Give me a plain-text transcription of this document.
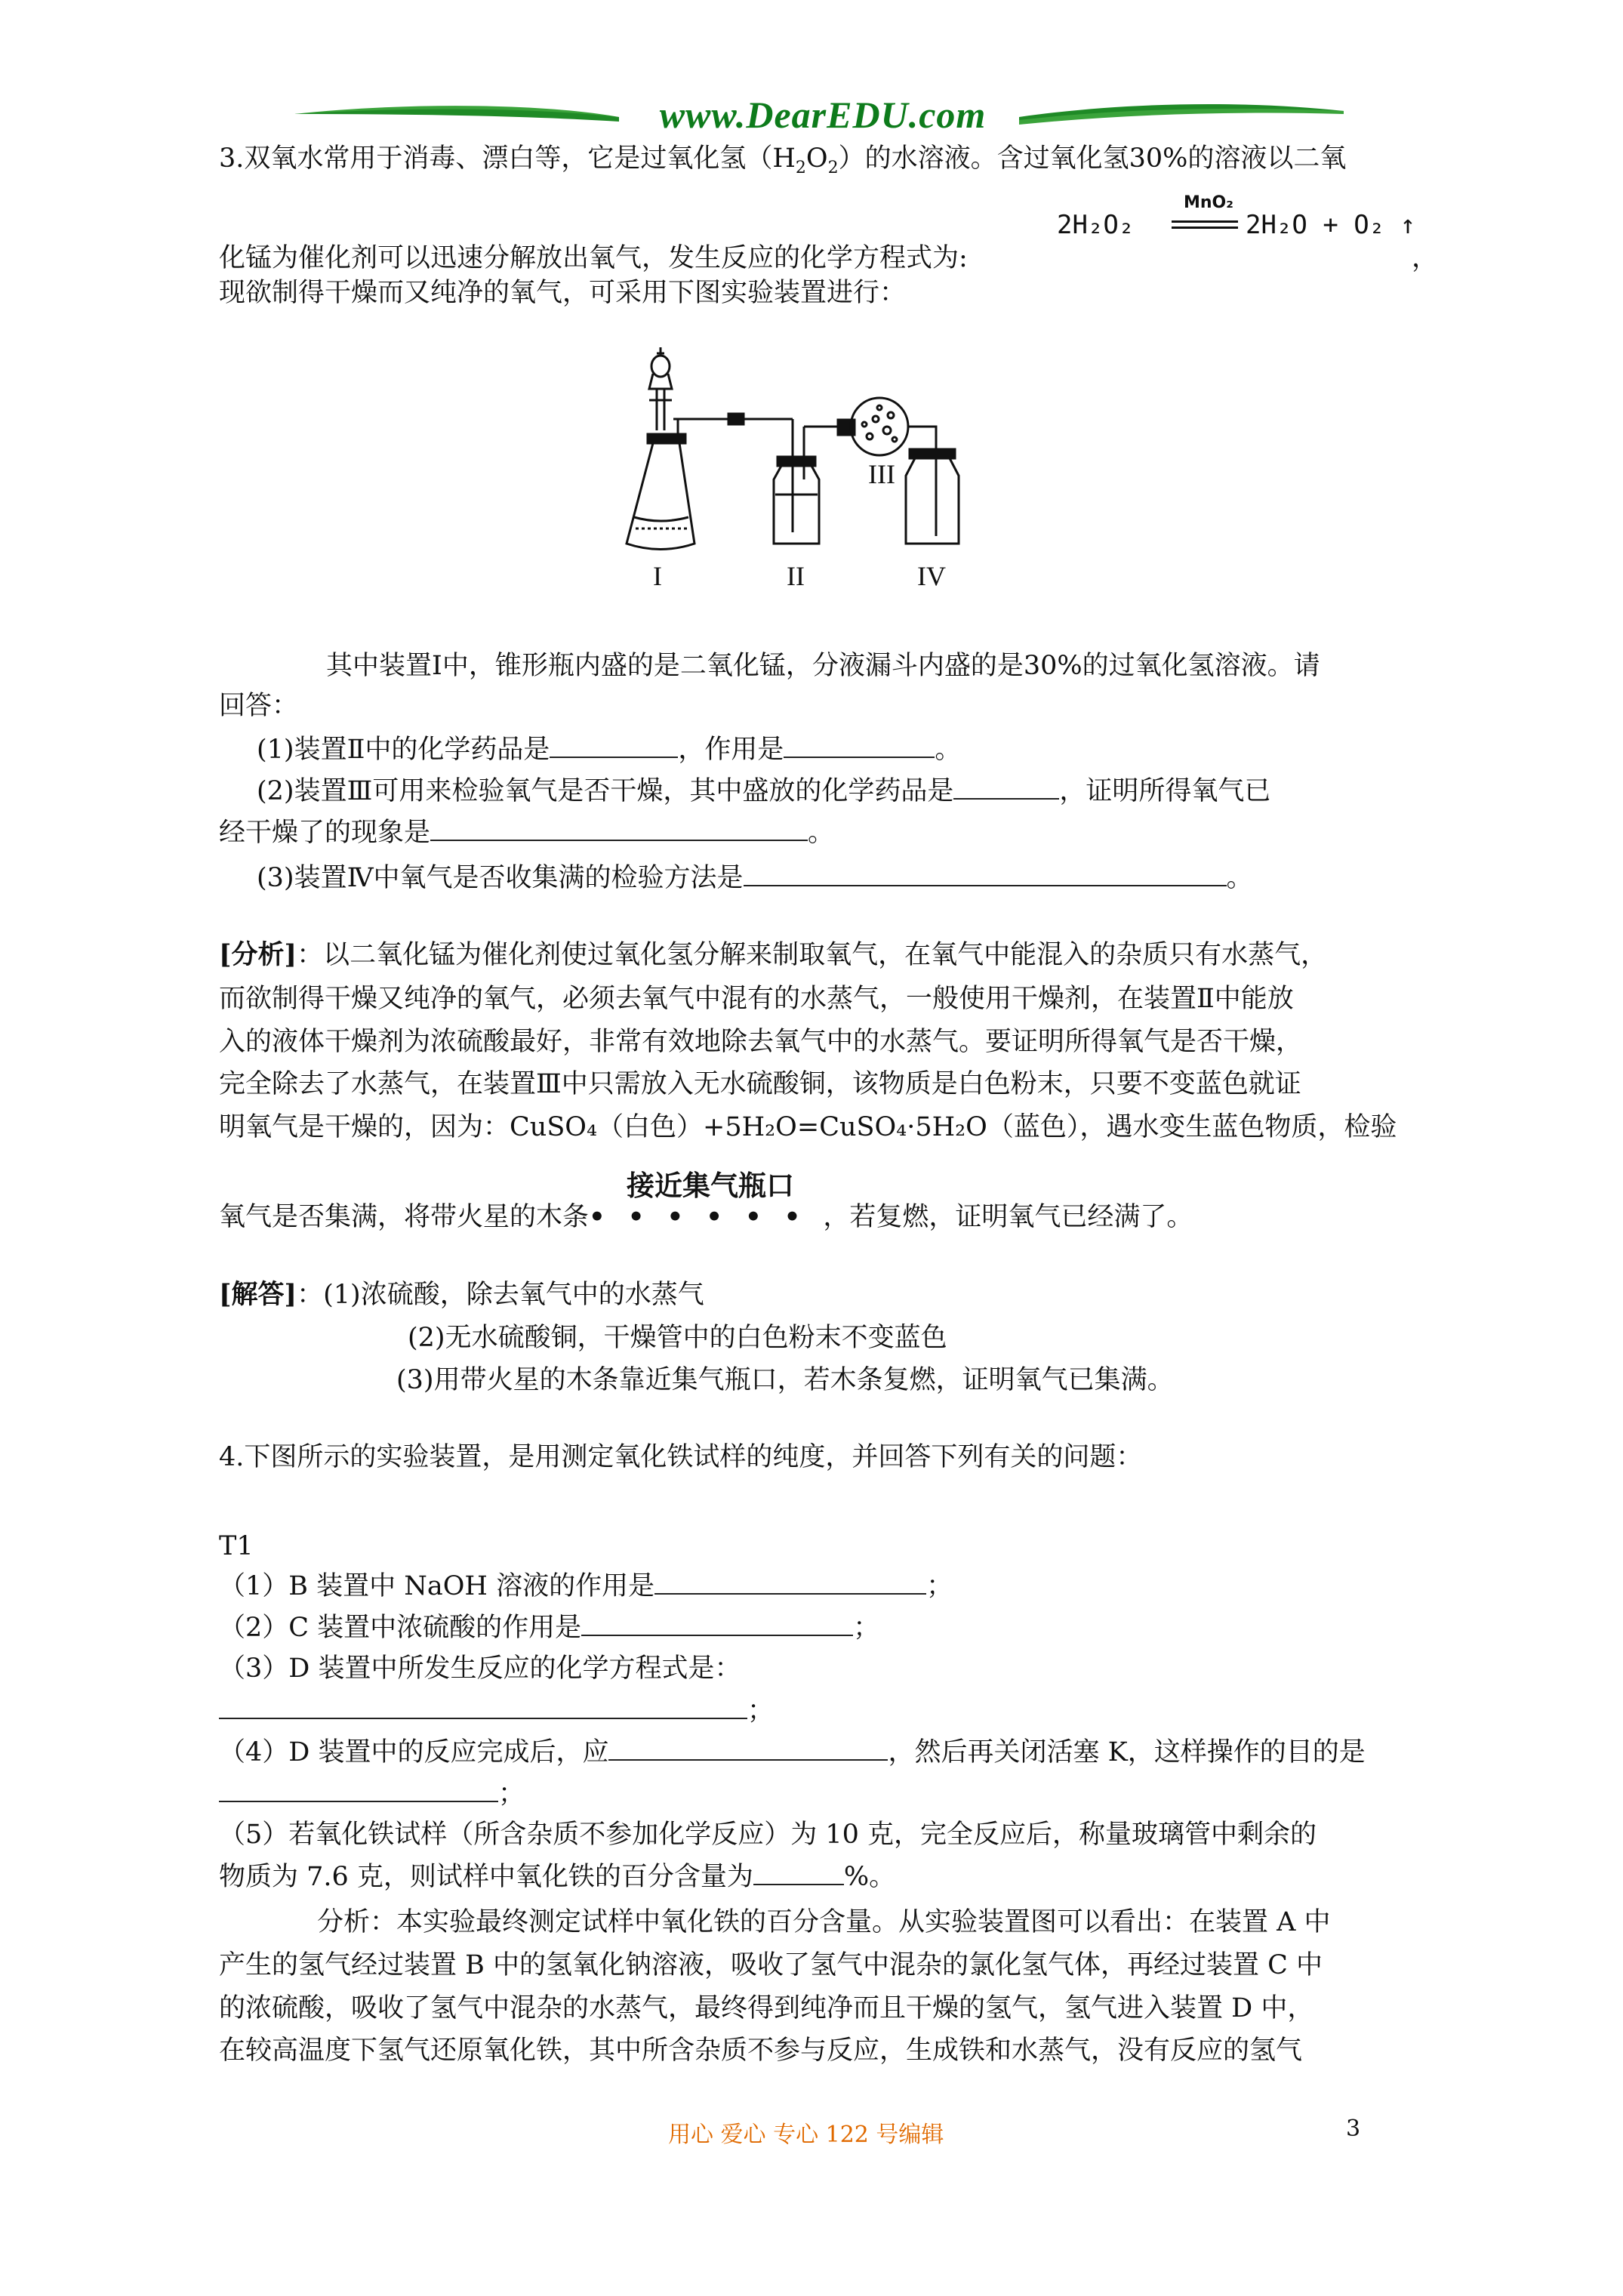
www.DearEDU.com
3.双氧水常用于消毒、漂白等，它是过氧化氢$(H_2O_2)$的水溶液。含过氧化氢30%的溶液以二氧
化锰为催化剂可以迅速分解放出氧气，发生反应的化学方程式为:
2H₂O₂
MnO₂
2H₂O + O₂ ↑
，
现欲制得干燥而又纯净的氧气，可采用下图实验装置进行：
I	II
III
IV
其中装置Ⅰ中，锥形瓶内盛的是二氧化锰，分液漏斗内盛的是30%的过氧化氢溶液。请
回答：
(1)装置Ⅱ中的化学药品是	，作用是	。
(2)装置Ⅲ可用来检验氧气是否干燥，其中盛放的化学药品是	，证明所得氧气已
经干燥了的现象是	。
(3)装置Ⅳ中氧气是否收集满的检验方法是	。
[分析]：以二氧化锰为催化剂使过氧化氢分解来制取氧气，在氧气中能混入的杂质只有水蒸气，
而欲制得干燥又纯净的氧气，必须去氧气中混有的水蒸气，一般使用干燥剂，在装置Ⅱ中能放
入的液体干燥剂为浓硫酸最好，非常有效地除去氧气中的水蒸气。要证明所得氧气是否干燥，
完全除去了水蒸气，在装置Ⅲ中只需放入无水硫酸铜，该物质是白色粉末，只要不变蓝色就证
明氧气是干燥的，因为：CuSO₄（白色）+5H₂O=CuSO₄·5H₂O（蓝色），遇水变生蓝色物质，检验
接近集气瓶口
氧气是否集满，将带火星的木条••••••，若复燃，证明氧气已经满了。
[解答]：(1)浓硫酸，除去氧气中的水蒸气
(2)无水硫酸铜，干燥管中的白色粉末不变蓝色
(3)用带火星的木条靠近集气瓶口，若木条复燃，证明氧气已集满。
4.下图所示的实验装置，是用测定氧化铁试样的纯度，并回答下列有关的问题：
T1
（1）B 装置中 NaOH 溶液的作用是	；
（2）C 装置中浓硫酸的作用是	；
（3）D 装置中所发生反应的化学方程式是：
；
（4）D 装置中的反应完成后，应	，然后再关闭活塞 K，这样操作的目的是
；
（5）若氧化铁试样（所含杂质不参加化学反应）为 10 克，完全反应后，称量玻璃管中剩余的
物质为 7.6 克，则试样中氧化铁的百分含量为	%。
分析：本实验最终测定试样中氧化铁的百分含量。从实验装置图可以看出：在装置 A 中
产生的氢气经过装置 B 中的氢氧化钠溶液，吸收了氢气中混杂的氯化氢气体，再经过装置 C 中
的浓硫酸，吸收了氢气中混杂的水蒸气，最终得到纯净而且干燥的氢气，氢气进入装置 D 中，
在较高温度下氢气还原氧化铁，其中所含杂质不参与反应，生成铁和水蒸气，没有反应的氢气
用心 爱心 专心 122 号编辑	3
